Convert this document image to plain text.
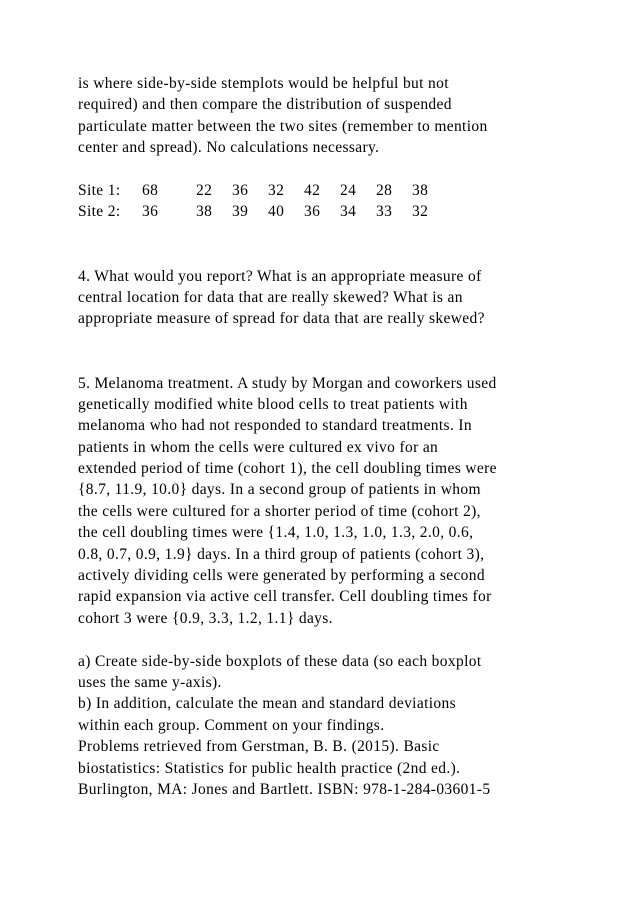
is where side-by-side stemplots would be helpful but not
required) and then compare the distribution of suspended
particulate matter between the two sites (remember to mention
center and spread). No calculations necessary.
Site 1:	68	22	36	32	42	24	28	38
Site 2:	36	38	39	40	36	34	33	32
4. What would you report? What is an appropriate measure of
central location for data that are really skewed? What is an
appropriate measure of spread for data that are really skewed?
5. Melanoma treatment. A study by Morgan and coworkers used
genetically modified white blood cells to treat patients with
melanoma who had not responded to standard treatments. In
patients in whom the cells were cultured ex vivo for an
extended period of time (cohort 1), the cell doubling times were
{8.7, 11.9, 10.0} days. In a second group of patients in whom
the cells were cultured for a shorter period of time (cohort 2),
the cell doubling times were {1.4, 1.0, 1.3, 1.0, 1.3, 2.0, 0.6,
0.8, 0.7, 0.9, 1.9} days. In a third group of patients (cohort 3),
actively dividing cells were generated by performing a second
rapid expansion via active cell transfer. Cell doubling times for
cohort 3 were {0.9, 3.3, 1.2, 1.1} days.
a) Create side-by-side boxplots of these data (so each boxplot
uses the same y-axis).
b) In addition, calculate the mean and standard deviations
within each group. Comment on your findings.
Problems retrieved from Gerstman, B. B. (2015). Basic
biostatistics: Statistics for public health practice (2nd ed.).
Burlington, MA: Jones and Bartlett. ISBN: 978-1-284-03601-5
